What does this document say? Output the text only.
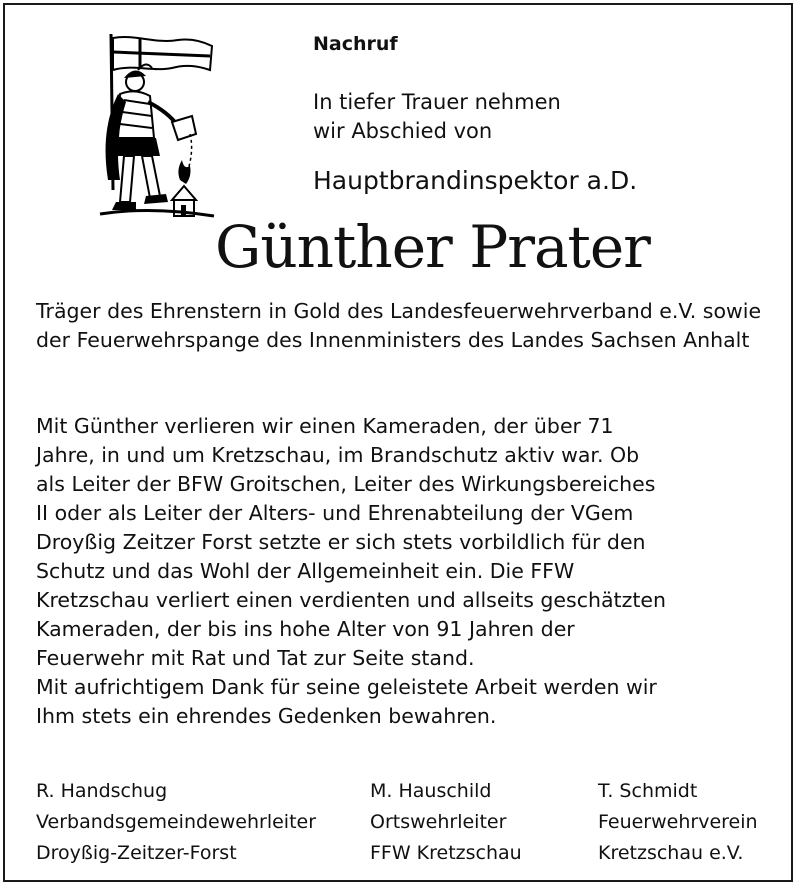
Nachruf
In tiefer Trauer nehmen
wir Abschied von
Hauptbrandinspektor a.D.
Günther Prater
Träger des Ehrenstern in Gold des Landesfeuerwehrverband e.V. sowie der Feuerwehrspange des Innenministers des Landes Sachsen Anhalt
Mit Günther verlieren wir einen Kameraden, der über 71
Jahre, in und um Kretzschau, im Brandschutz aktiv war. Ob
als Leiter der BFW Groitschen, Leiter des Wirkungsbereiches
II oder als Leiter der Alters- und Ehrenabteilung der VGem
Droyßig Zeitzer Forst setzte er sich stets vorbildlich für den
Schutz und das Wohl der Allgemeinheit ein. Die FFW
Kretzschau verliert einen verdienten und allseits geschätzten
Kameraden, der bis ins hohe Alter von 91 Jahren der
Feuerwehr mit Rat und Tat zur Seite stand.
Mit aufrichtigem Dank für seine geleistete Arbeit werden wir
Ihm stets ein ehrendes Gedenken bewahren.
R. Handschug
Verbandsgemeindewehrleiter
Droyßig-Zeitzer-Forst
M. Hauschild
Ortswehrleiter
FFW Kretzschau
T. Schmidt
Feuerwehrverein
Kretzschau e.V.
